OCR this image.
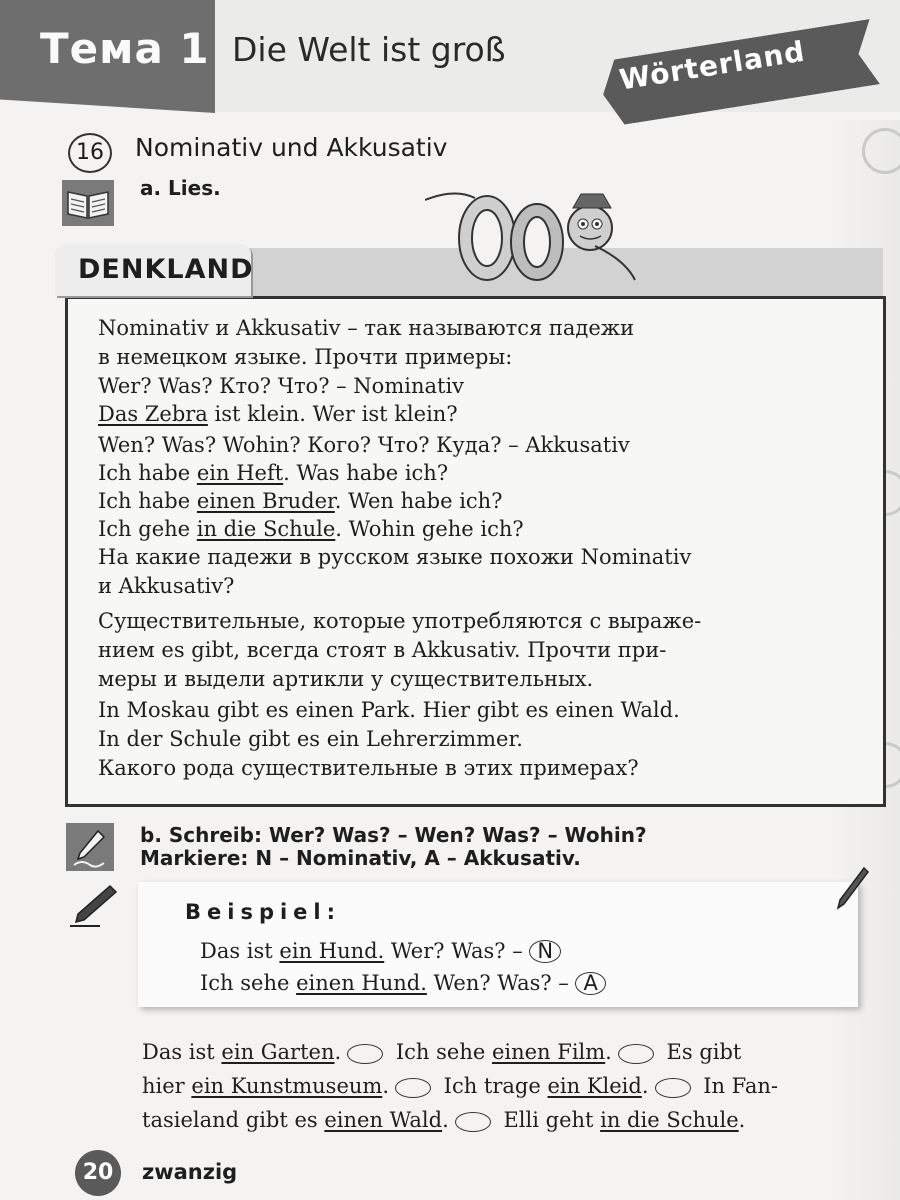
Тема 1 Die Welt ist groß	Wörterland
16	Nominativ und Akkusativ
a. Lies.
DENKLAND
Nominativ и Akkusativ – так называются падежи
в немецком языке. Прочти примеры:
Wer? Was? Кто? Что? – Nominativ
Das Zebra ist klein. Wer ist klein?
Wen? Was? Wohin? Кого? Что? Куда? – Akkusativ
Ich habe ein Heft. Was habe ich?
Ich habe einen Bruder. Wen habe ich?
Ich gehe in die Schule. Wohin gehe ich?
На какие падежи в русском языке похожи Nominativ
и Akkusativ?
Существительные, которые употребляются с выраже-
нием es gibt, всегда стоят в Akkusativ. Прочти при-
меры и выдели артикли у существительных.
In Moskau gibt es einen Park. Hier gibt es einen Wald.
In der Schule gibt es ein Lehrerzimmer.
Какого рода существительные в этих примерах?
b. Schreib: Wer? Was? – Wen? Was? – Wohin?
Markiere: N – Nominativ, A – Akkusativ.
Beispiel:
Das ist ein Hund. Wer? Was? – N
Ich sehe einen Hund. Wen? Was? – A
Das ist ein Garten. Ich sehe einen Film. Es gibt
hier ein Kunstmuseum. Ich trage ein Kleid. In Fan-
tasieland gibt es einen Wald. Elli geht in die Schule.
20	zwanzig
